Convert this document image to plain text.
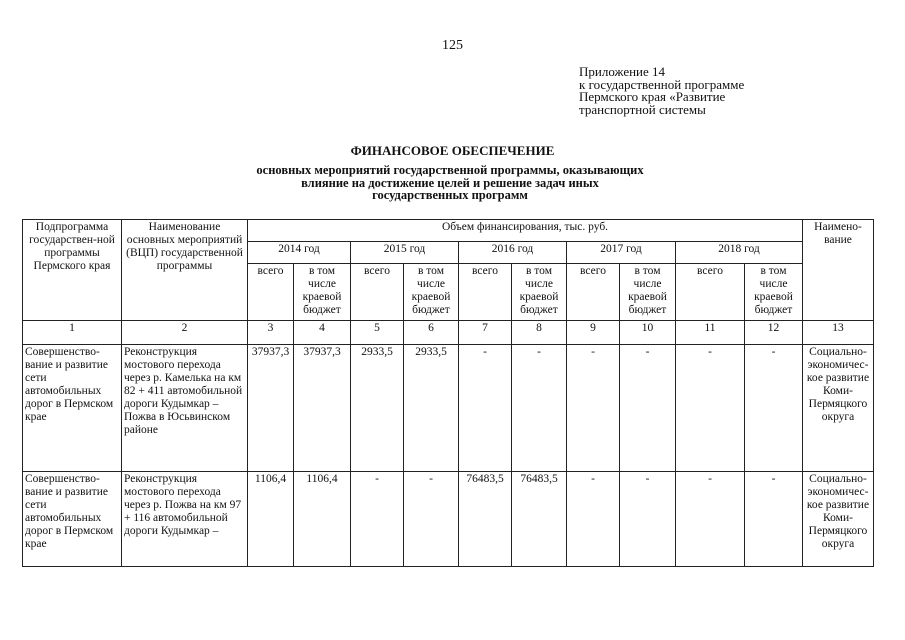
125
Приложение 14
к государственной программе
Пермского края «Развитие
транспортной системы
ФИНАНСОВОЕ ОБЕСПЕЧЕНИЕ
основных мероприятий государственной программы, оказывающих
влияние на достижение целей и решение задач иных
государственных программ
Подпрограмма государствен-ной программы Пермского края	Наименование основных мероприятий (ВЦП) государственной программы	Объем финансирования, тыс. руб.										Наимено-вание
		2014 год		2015 год		2016 год		2017 год		2018 год		
		всего	в том числе краевой бюджет	всего	в том числе краевой бюджет	всего	в том числе краевой бюджет	всего	в том числе краевой бюджет	всего	в том числе краевой бюджет	
1	2	3	4	5	6	7	8	9	10	11	12	13
Совершенство-вание и развитие сети автомобильных дорог в Пермском крае	Реконструкция мостового перехода через р. Камелька на км 82 + 411 автомобильной дороги Кудымкар – Пожва в Юсьвинском районе	37937,3	37937,3	2933,5	2933,5	-	-	-	-	-	-	Социально-экономичес-кое развитие Коми-Пермяцкого округа
Совершенство-вание и развитие сети автомобильных дорог в Пермском крае	Реконструкция мостового перехода через р. Пожва на км 97 + 116 автомобильной дороги Кудымкар –	1106,4	1106,4	-	-	76483,5	76483,5	-	-	-	-	Социально-экономичес-кое развитие Коми-Пермяцкого округа
